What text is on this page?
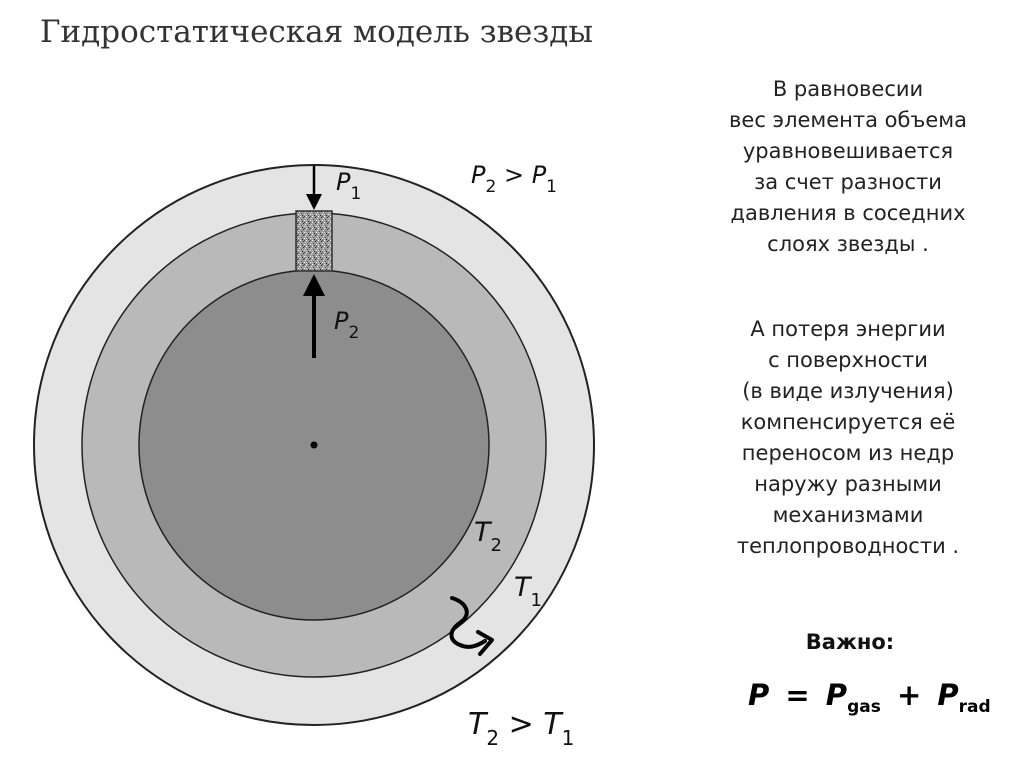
Гидростатическая модель звезды
$P_1$
$P_2$
$P_2 > P_1$
$T_2$
$T_1$
$T_2 > T_1$
В равновесии
вес элемента объема
уравновешивается
за счет разности
давления в соседних
слоях звезды .
А потеря энергии
с поверхности
(в виде излучения)
компенсируется её
переносом из недр
наружу разными
механизмами
теплопроводности .
Важно:
$P = P_{gas} + P_{rad}$
